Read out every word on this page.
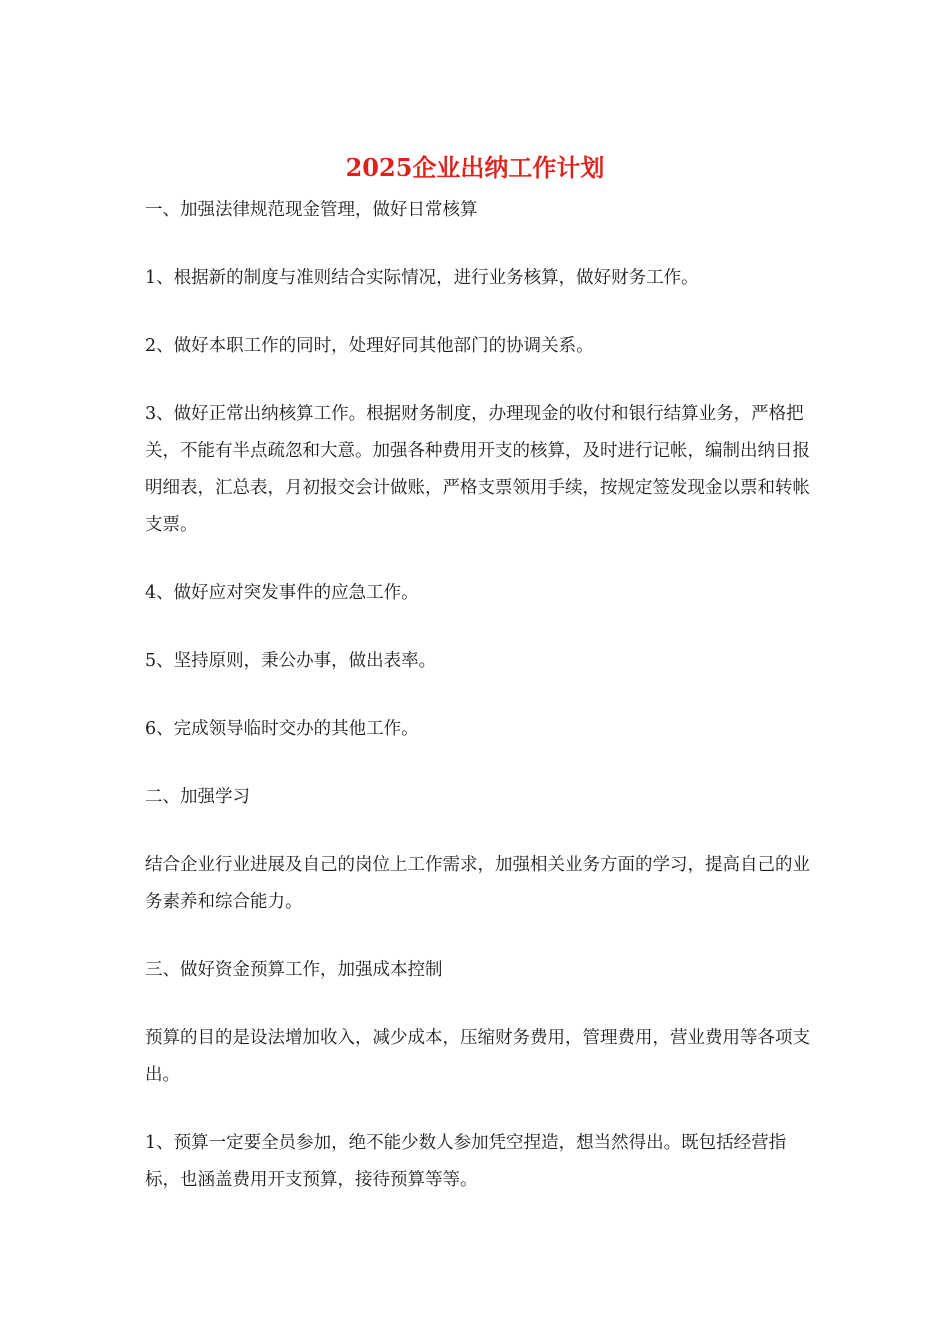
2025企业出纳工作计划

一、加强法律规范现金管理，做好日常核算

1、根据新的制度与准则结合实际情况，进行业务核算，做好财务工作。

2、做好本职工作的同时，处理好同其他部门的协调关系。

3、做好正常出纳核算工作。根据财务制度，办理现金的收付和银行结算业务，严格把关，不能有半点疏忽和大意。加强各种费用开支的核算，及时进行记帐，编制出纳日报明细表，汇总表，月初报交会计做账，严格支票领用手续，按规定签发现金以票和转帐支票。

4、做好应对突发事件的应急工作。

5、坚持原则，秉公办事，做出表率。

6、完成领导临时交办的其他工作。

二、加强学习

结合企业行业进展及自己的岗位上工作需求，加强相关业务方面的学习，提高自己的业务素养和综合能力。

三、做好资金预算工作，加强成本控制

预算的目的是设法增加收入，减少成本，压缩财务费用，管理费用，营业费用等各项支出。

1、预算一定要全员参加，绝不能少数人参加凭空捏造，想当然得出。既包括经营指标，也涵盖费用开支预算，接待预算等等。
